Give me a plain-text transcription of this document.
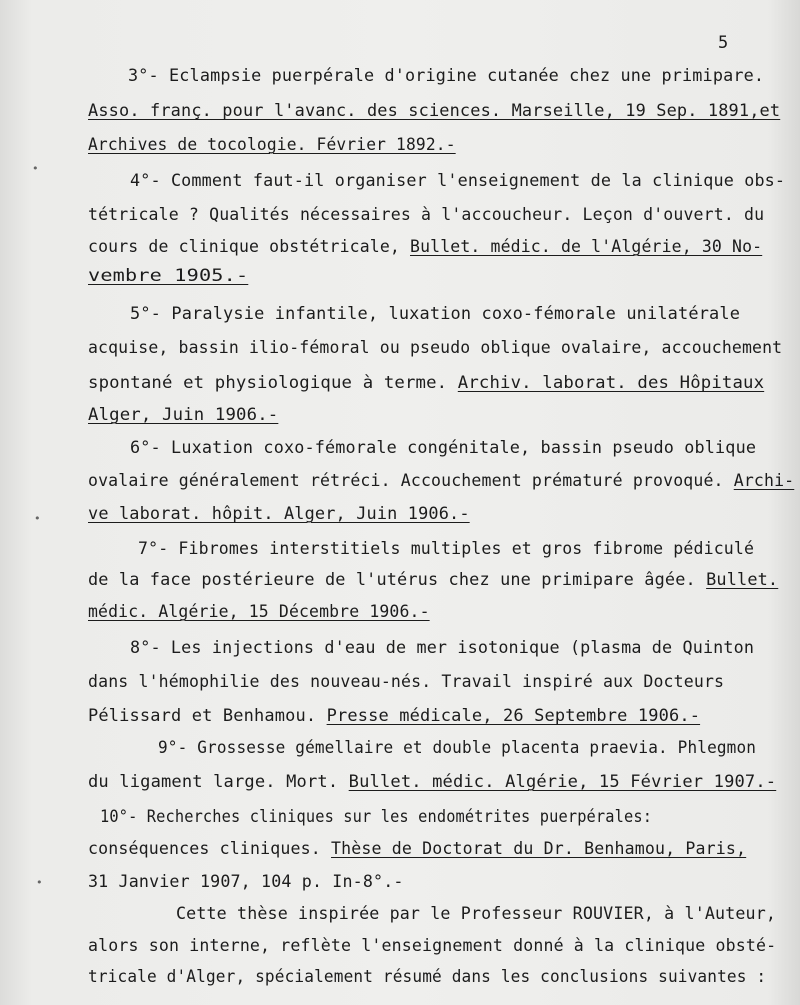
5
3°- Eclampsie puerpérale d'origine cutanée chez une primipare.
Asso. franç. pour l'avanc. des sciences. Marseille, 19 Sep. 1891,et
Archives de tocologie. Février 1892.-
4°- Comment faut-il organiser l'enseignement de la clinique obs-
tétricale ? Qualités nécessaires à l'accoucheur. Leçon d'ouvert. du
cours de clinique obstétricale, Bullet. médic. de l'Algérie, 30 No-
vembre 1905.-
5°- Paralysie infantile, luxation coxo-fémorale unilatérale
acquise, bassin ilio-fémoral ou pseudo oblique ovalaire, accouchement
spontané et physiologique à terme. Archiv. laborat. des Hôpitaux
Alger, Juin 1906.-
6°- Luxation coxo-fémorale congénitale, bassin pseudo oblique
ovalaire généralement rétréci. Accouchement prématuré provoqué. Archi-
ve laborat. hôpit. Alger, Juin 1906.-
7°- Fibromes interstitiels multiples et gros fibrome pédiculé
de la face postérieure de l'utérus chez une primipare âgée. Bullet.
médic. Algérie, 15 Décembre 1906.-
8°- Les injections d'eau de mer isotonique (plasma de Quinton
dans l'hémophilie des nouveau-nés. Travail inspiré aux Docteurs
Pélissard et Benhamou. Presse médicale, 26 Septembre 1906.-
9°- Grossesse gémellaire et double placenta praevia. Phlegmon
du ligament large. Mort. Bullet. médic. Algérie, 15 Février 1907.-
10°- Recherches cliniques sur les endométrites puerpérales:
conséquences cliniques. Thèse de Doctorat du Dr. Benhamou, Paris,
31 Janvier 1907, 104 p. In-8°.-
Cette thèse inspirée par le Professeur ROUVIER, à l'Auteur,
alors son interne, reflète l'enseignement donné à la clinique obsté-
tricale d'Alger, spécialement résumé dans les conclusions suivantes :
•
•
•
